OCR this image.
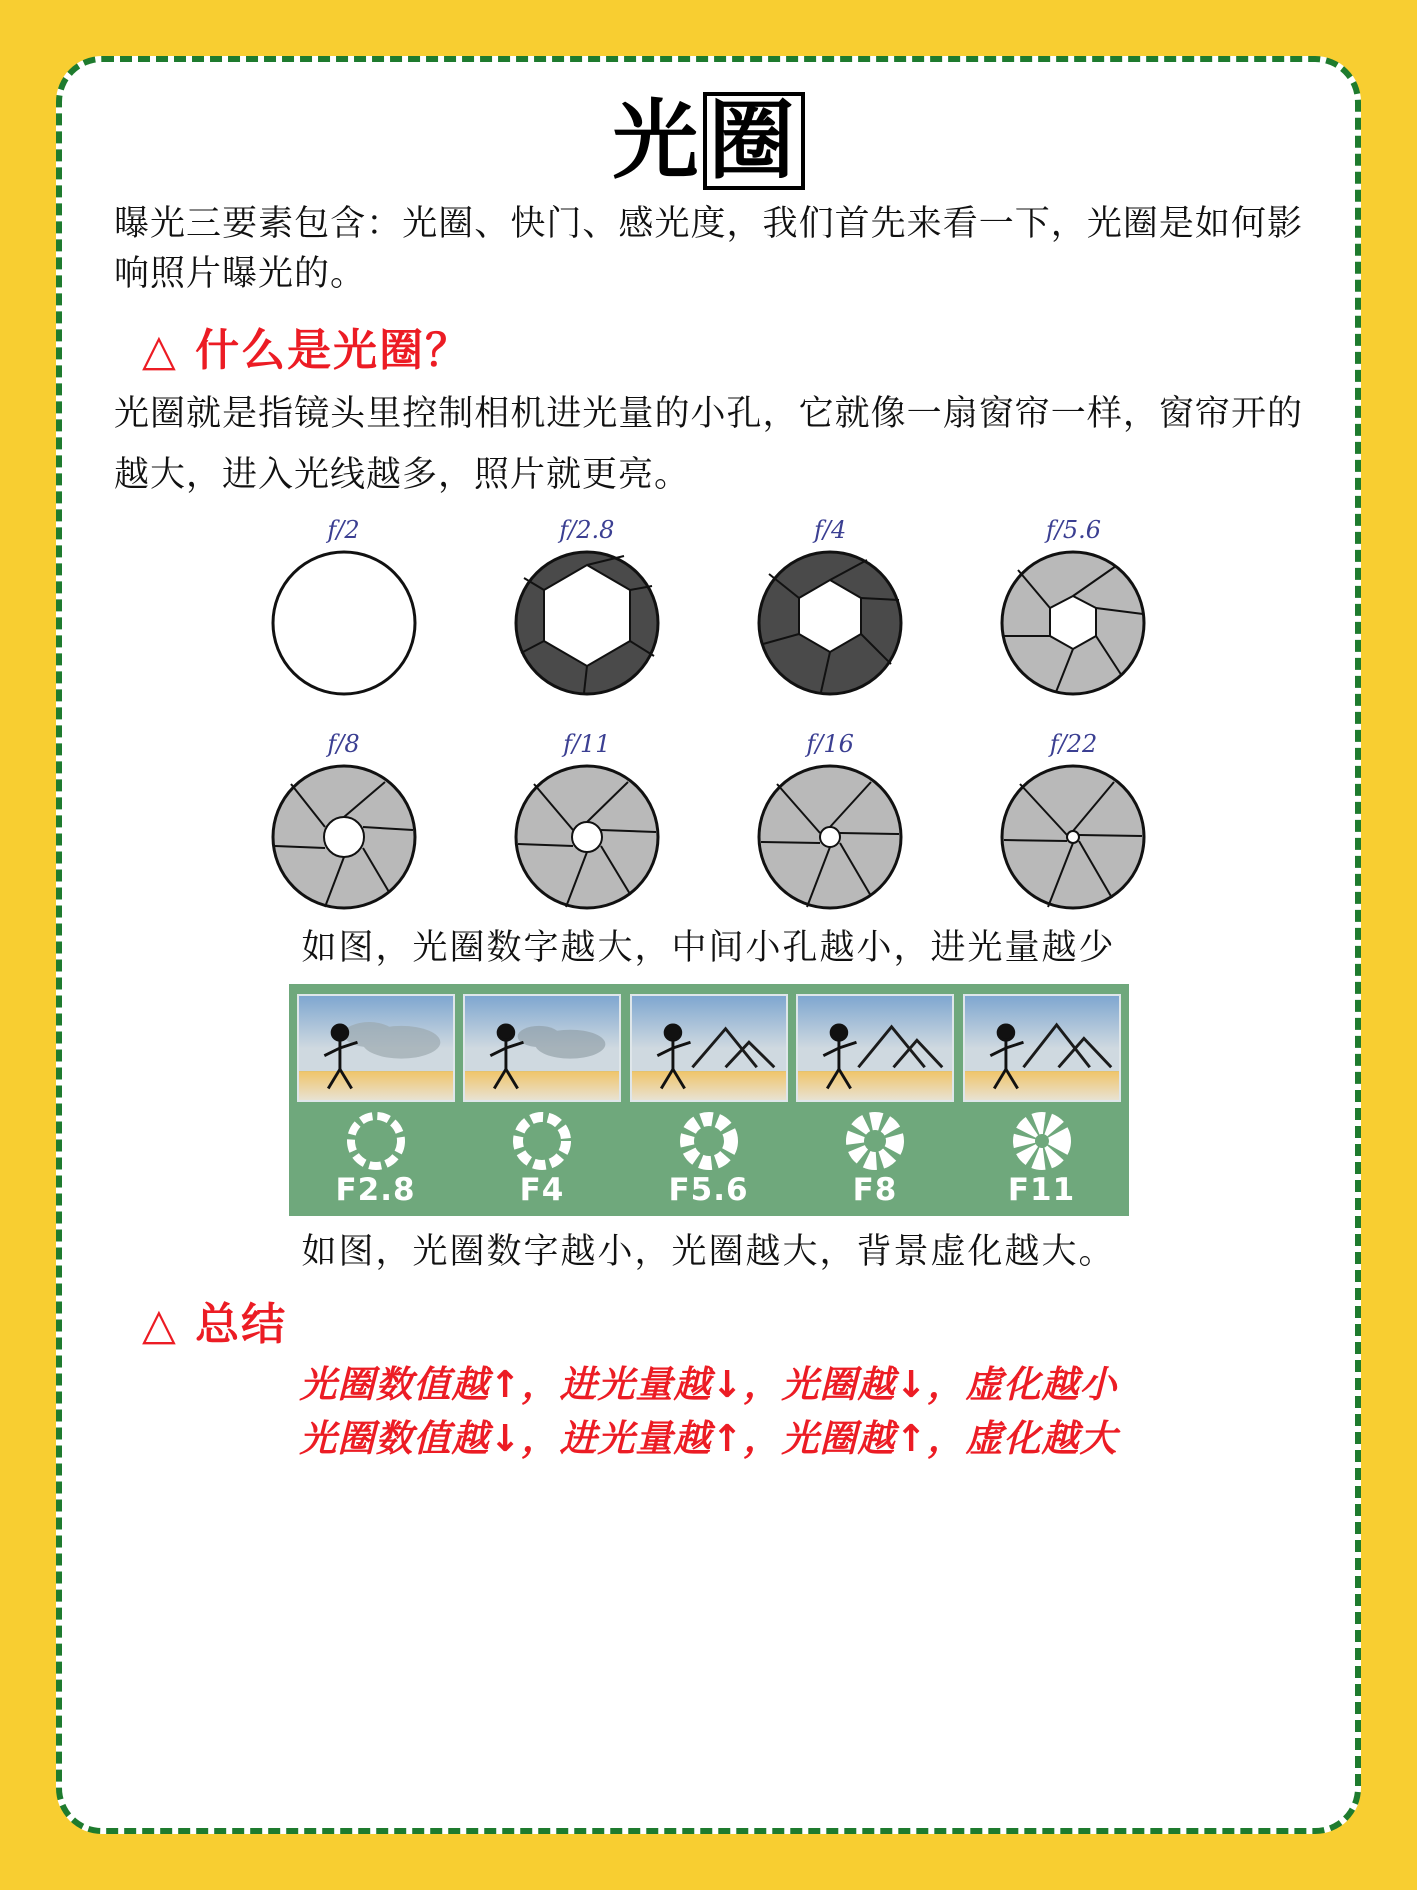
光圈

曝光三要素包含：光圈、快门、感光度，我们首先来看一下，光圈是如何影响照片曝光的。

△ 什么是光圈？

光圈就是指镜头里控制相机进光量的小孔，它就像一扇窗帘一样，窗帘开的越大，进入光线越多，照片就更亮。

f/2	f/2.8	f/4	f/5.6
f/8	f/11	f/16	f/22
如图，光圈数字越大，中间小孔越小，进光量越少
F2.8	F4	F5.6	F8	F11
如图，光圈数字越小，光圈越大，背景虚化越大。
△ 总结
光圈数值越↑，进光量越↓，光圈越↓，虚化越小
光圈数值越↓，进光量越↑，光圈越↑，虚化越大
